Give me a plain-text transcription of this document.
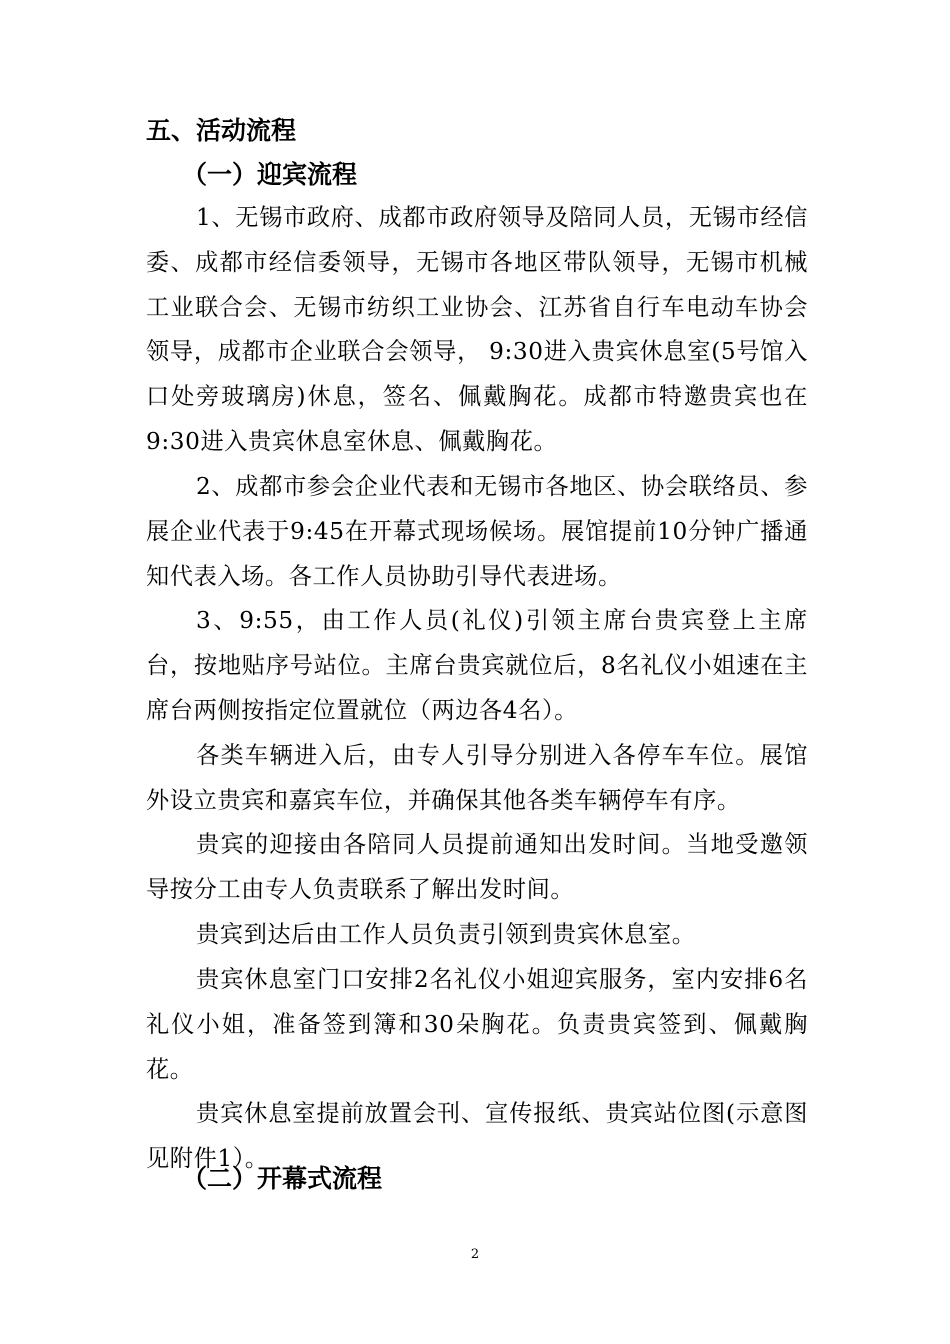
五、活动流程
（一）迎宾流程

1、无锡市政府、成都市政府领导及陪同人员，无锡市经信委、成都市经信委领导，无锡市各地区带队领导，无锡市机械工业联合会、无锡市纺织工业协会、江苏省自行车电动车协会领导，成都市企业联合会领导， 9:30进入贵宾休息室(5号馆入口处旁玻璃房)休息，签名、佩戴胸花。成都市特邀贵宾也在9:30进入贵宾休息室休息、佩戴胸花。

2、成都市参会企业代表和无锡市各地区、协会联络员、参展企业代表于9:45在开幕式现场候场。展馆提前10分钟广播通知代表入场。各工作人员协助引导代表进场。

3、9:55，由工作人员(礼仪)引领主席台贵宾登上主席台，按地贴序号站位。主席台贵宾就位后，8名礼仪小姐速在主席台两侧按指定位置就位（两边各4名）。

各类车辆进入后，由专人引导分别进入各停车车位。展馆外设立贵宾和嘉宾车位，并确保其他各类车辆停车有序。

贵宾的迎接由各陪同人员提前通知出发时间。当地受邀领导按分工由专人负责联系了解出发时间。

贵宾到达后由工作人员负责引领到贵宾休息室。

贵宾休息室门口安排2名礼仪小姐迎宾服务，室内安排6名礼仪小姐，准备签到簿和30朵胸花。负责贵宾签到、佩戴胸花。

贵宾休息室提前放置会刊、宣传报纸、贵宾站位图(示意图见附件1）。

（二）开幕式流程
2
